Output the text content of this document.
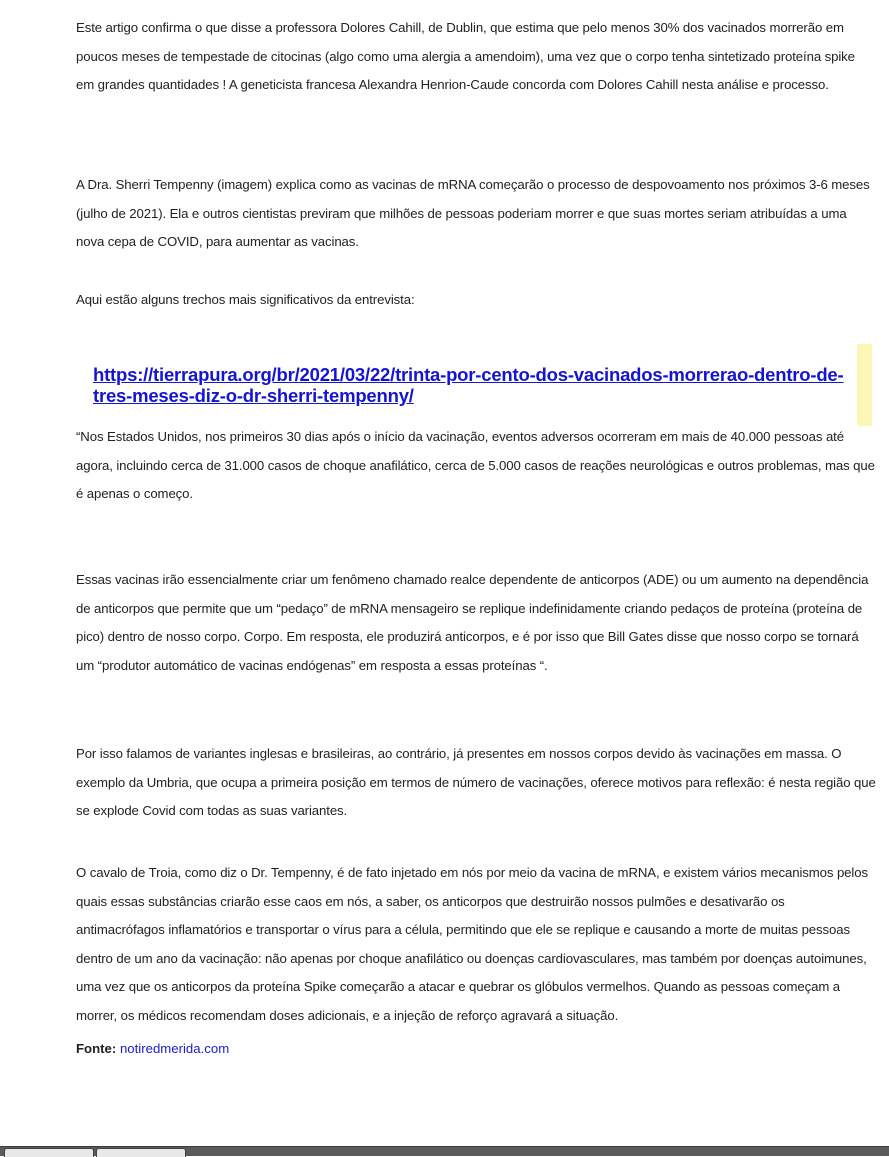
Este artigo confirma o que disse a professora Dolores Cahill, de Dublin, que estima que pelo menos 30% dos vacinados morrerão em poucos meses de tempestade de citocinas (algo como uma alergia a amendoim), uma vez que o corpo tenha sintetizado proteína spike em grandes quantidades ! A geneticista francesa Alexandra Henrion-Caude concorda com Dolores Cahill nesta análise e processo.

A Dra. Sherri Tempenny (imagem) explica como as vacinas de mRNA começarão o processo de despovoamento nos próximos 3-6 meses (julho de 2021). Ela e outros cientistas previram que milhões de pessoas poderiam morrer e que suas mortes seriam atribuídas a uma nova cepa de COVID, para aumentar as vacinas.

Aqui estão alguns trechos mais significativos da entrevista:

“Nos Estados Unidos, nos primeiros 30 dias após o início da vacinação, eventos adversos ocorreram em mais de 40.000 pessoas até agora, incluindo cerca de 31.000 casos de choque anafilático, cerca de 5.000 casos de reações neurológicas e outros problemas, mas que é apenas o começo.

Essas vacinas irão essencialmente criar um fenômeno chamado realce dependente de anticorpos (ADE) ou um aumento na dependência de anticorpos que permite que um “pedaço” de mRNA mensageiro se replique indefinidamente criando pedaços de proteína (proteína de pico) dentro de nosso corpo. Corpo. Em resposta, ele produzirá anticorpos, e é por isso que Bill Gates disse que nosso corpo se tornará um “produtor automático de vacinas endógenas” em resposta a essas proteínas “.

Por isso falamos de variantes inglesas e brasileiras, ao contrário, já presentes em nossos corpos devido às vacinações em massa. O exemplo da Umbria, que ocupa a primeira posição em termos de número de vacinações, oferece motivos para reflexão: é nesta região que se explode Covid com todas as suas variantes.

O cavalo de Troia, como diz o Dr. Tempenny, é de fato injetado em nós por meio da vacina de mRNA, e existem vários mecanismos pelos quais essas substâncias criarão esse caos em nós, a saber, os anticorpos que destruirão nossos pulmões e desativarão os antimacrófagos inflamatórios e transportar o vírus para a célula, permitindo que ele se replique e causando a morte de muitas pessoas dentro de um ano da vacinação: não apenas por choque anafilático ou doenças cardiovasculares, mas também por doenças autoimunes, uma vez que os anticorpos da proteína Spike começarão a atacar e quebrar os glóbulos vermelhos. Quando as pessoas começam a morrer, os médicos recomendam doses adicionais, e a injeção de reforço agravará a situação.

Fonte: notiredmerida.com
https://tierrapura.org/br/2021/03/22/trinta-por-cento-dos-vacinados-morrerao-dentro-de-tres-meses-diz-o-dr-sherri-tempenny/
